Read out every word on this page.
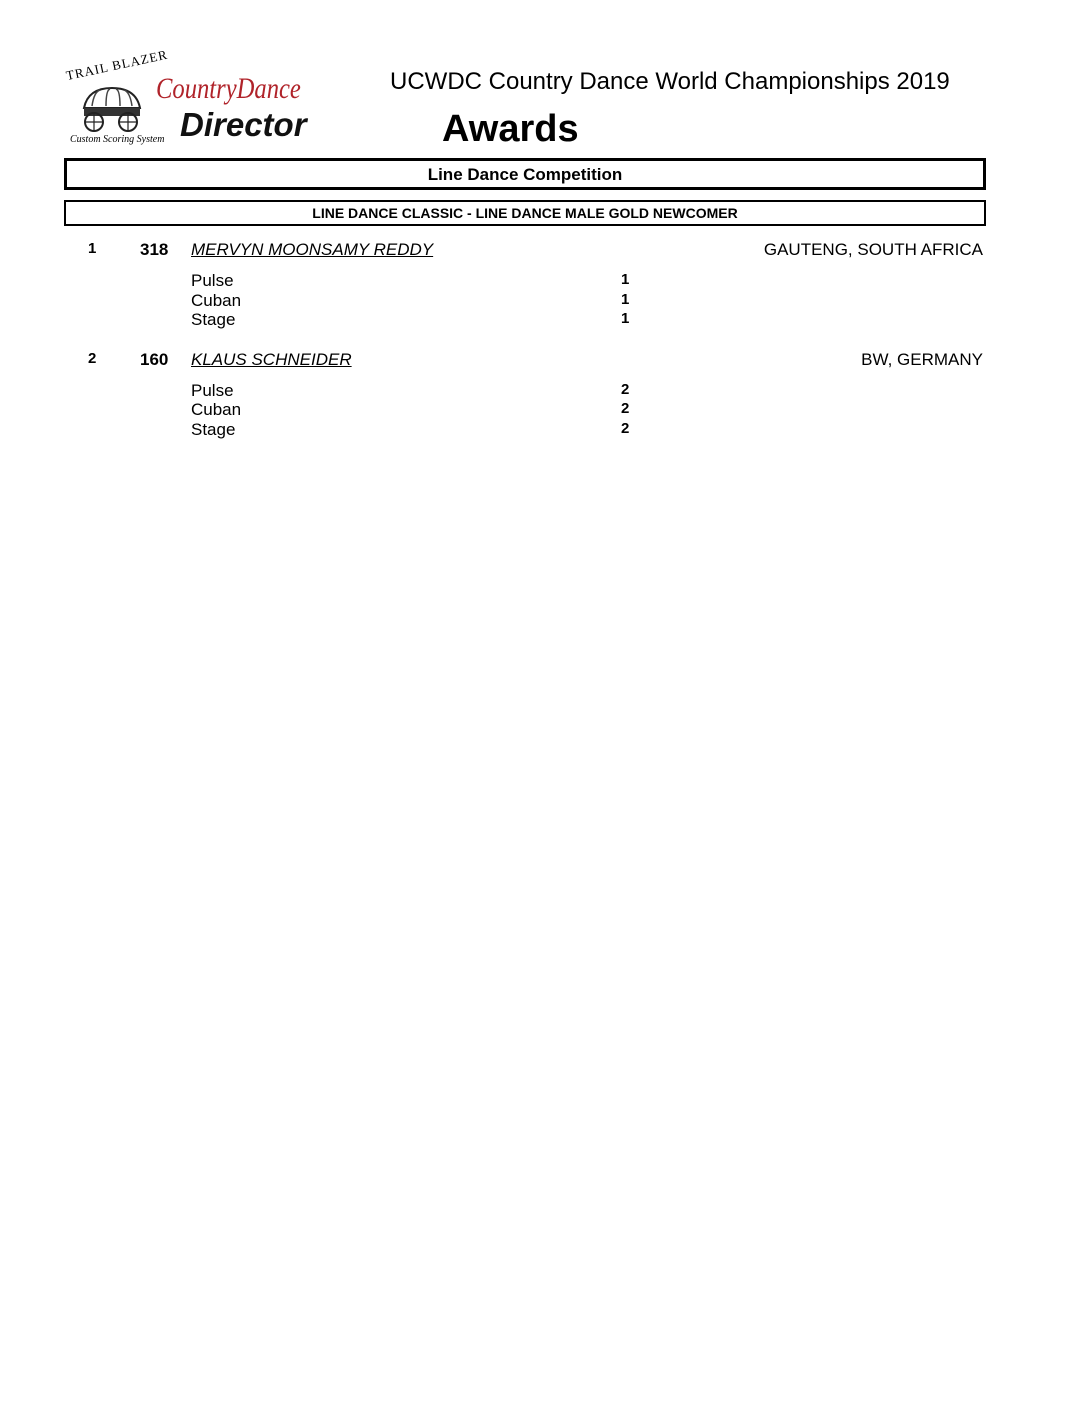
TRAIL BLAZER
Custom Scoring System
CountryDance
Director
UCWDC Country Dance World Championships 2019
Awards
Line Dance Competition
LINE DANCE CLASSIC - LINE DANCE MALE GOLD NEWCOMER
1	318 MERVYN MOONSAMY REDDY	GAUTENG, SOUTH AFRICA
Pulse	1
Cuban	1
Stage	1
2	160 KLAUS SCHNEIDER	BW, GERMANY
Pulse	2
Cuban	2
Stage	2
